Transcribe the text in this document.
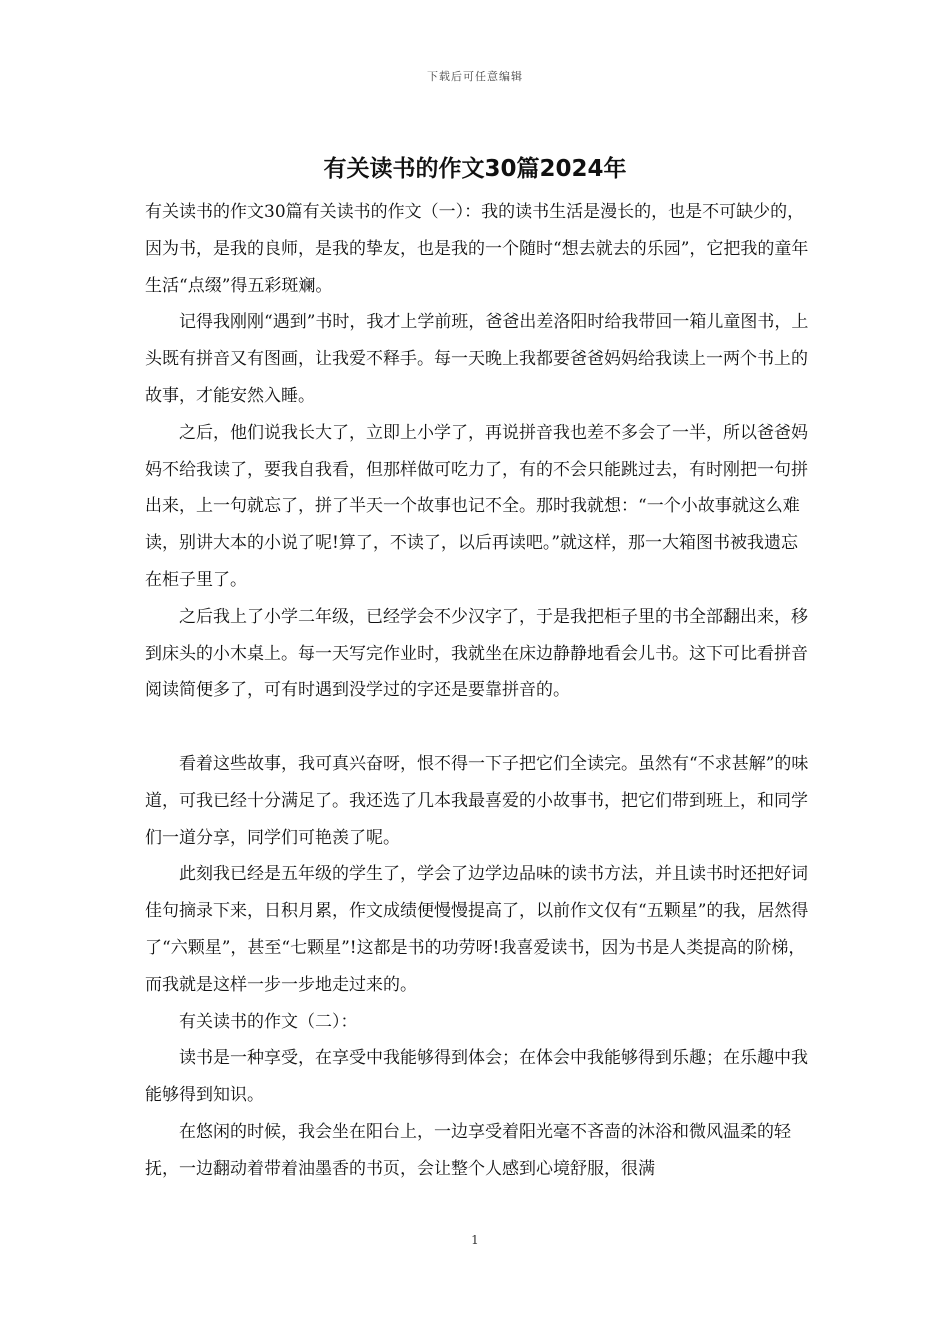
下载后可任意编辑
有关读书的作文30篇2024年

有关读书的作文30篇有关读书的作文（一）：我的读书生活是漫长的，也是不可缺少的，因为书，是我的良师，是我的挚友，也是我的一个随时“想去就去的乐园”，它把我的童年生活“点缀”得五彩斑斓。

记得我刚刚“遇到”书时，我才上学前班，爸爸出差洛阳时给我带回一箱儿童图书，上头既有拼音又有图画，让我爱不释手。每一天晚上我都要爸爸妈妈给我读上一两个书上的故事，才能安然入睡。

之后，他们说我长大了，立即上小学了，再说拼音我也差不多会了一半，所以爸爸妈妈不给我读了，要我自我看，但那样做可吃力了，有的不会只能跳过去，有时刚把一句拼出来，上一句就忘了，拼了半天一个故事也记不全。那时我就想：“一个小故事就这么难读，别讲大本的小说了呢!算了，不读了，以后再读吧。”就这样，那一大箱图书被我遗忘在柜子里了。

之后我上了小学二年级，已经学会不少汉字了，于是我把柜子里的书全部翻出来，移到床头的小木桌上。每一天写完作业时，我就坐在床边静静地看会儿书。这下可比看拼音阅读简便多了，可有时遇到没学过的字还是要靠拼音的。

看着这些故事，我可真兴奋呀，恨不得一下子把它们全读完。虽然有“不求甚解”的味道，可我已经十分满足了。我还选了几本我最喜爱的小故事书，把它们带到班上，和同学们一道分享，同学们可艳羡了呢。

此刻我已经是五年级的学生了，学会了边学边品味的读书方法，并且读书时还把好词佳句摘录下来，日积月累，作文成绩便慢慢提高了，以前作文仅有“五颗星”的我，居然得了“六颗星”，甚至“七颗星”!这都是书的功劳呀!我喜爱读书，因为书是人类提高的阶梯，而我就是这样一步一步地走过来的。

有关读书的作文（二）：

读书是一种享受，在享受中我能够得到体会；在体会中我能够得到乐趣；在乐趣中我能够得到知识。

在悠闲的时候，我会坐在阳台上，一边享受着阳光毫不吝啬的沐浴和微风温柔的轻抚，一边翻动着带着油墨香的书页，会让整个人感到心境舒服，很满

1
